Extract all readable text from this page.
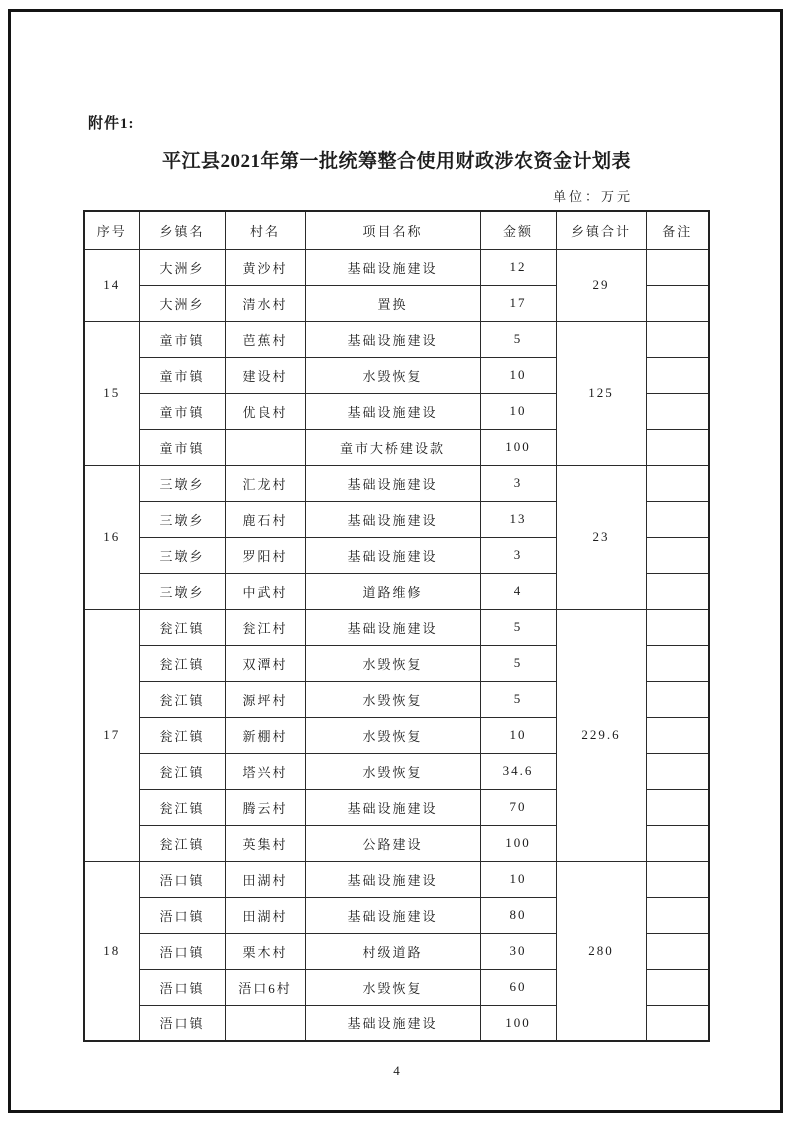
附件1:
平江县2021年第一批统筹整合使用财政涉农资金计划表
单位：万元
序号	乡镇名	村名	项目名称	金额	乡镇合计	备注
14	大洲乡	黄沙村	基础设施建设	12	29	
	大洲乡	清水村	置换	17		
15	童市镇	芭蕉村	基础设施建设	5	125	
	童市镇	建设村	水毁恢复	10		
	童市镇	优良村	基础设施建设	10		
	童市镇		童市大桥建设款	100		
16	三墩乡	汇龙村	基础设施建设	3	23	
	三墩乡	鹿石村	基础设施建设	13		
	三墩乡	罗阳村	基础设施建设	3		
	三墩乡	中武村	道路维修	4		
17	瓮江镇	瓮江村	基础设施建设	5	229.6	
	瓮江镇	双潭村	水毁恢复	5		
	瓮江镇	源坪村	水毁恢复	5		
	瓮江镇	新棚村	水毁恢复	10		
	瓮江镇	塔兴村	水毁恢复	34.6		
	瓮江镇	腾云村	基础设施建设	70		
	瓮江镇	英集村	公路建设	100		
18	浯口镇	田湖村	基础设施建设	10	280	
	浯口镇	田湖村	基础设施建设	80		
	浯口镇	栗木村	村级道路	30		
	浯口镇	浯口6村	水毁恢复	60		
	浯口镇		基础设施建设	100		
4
